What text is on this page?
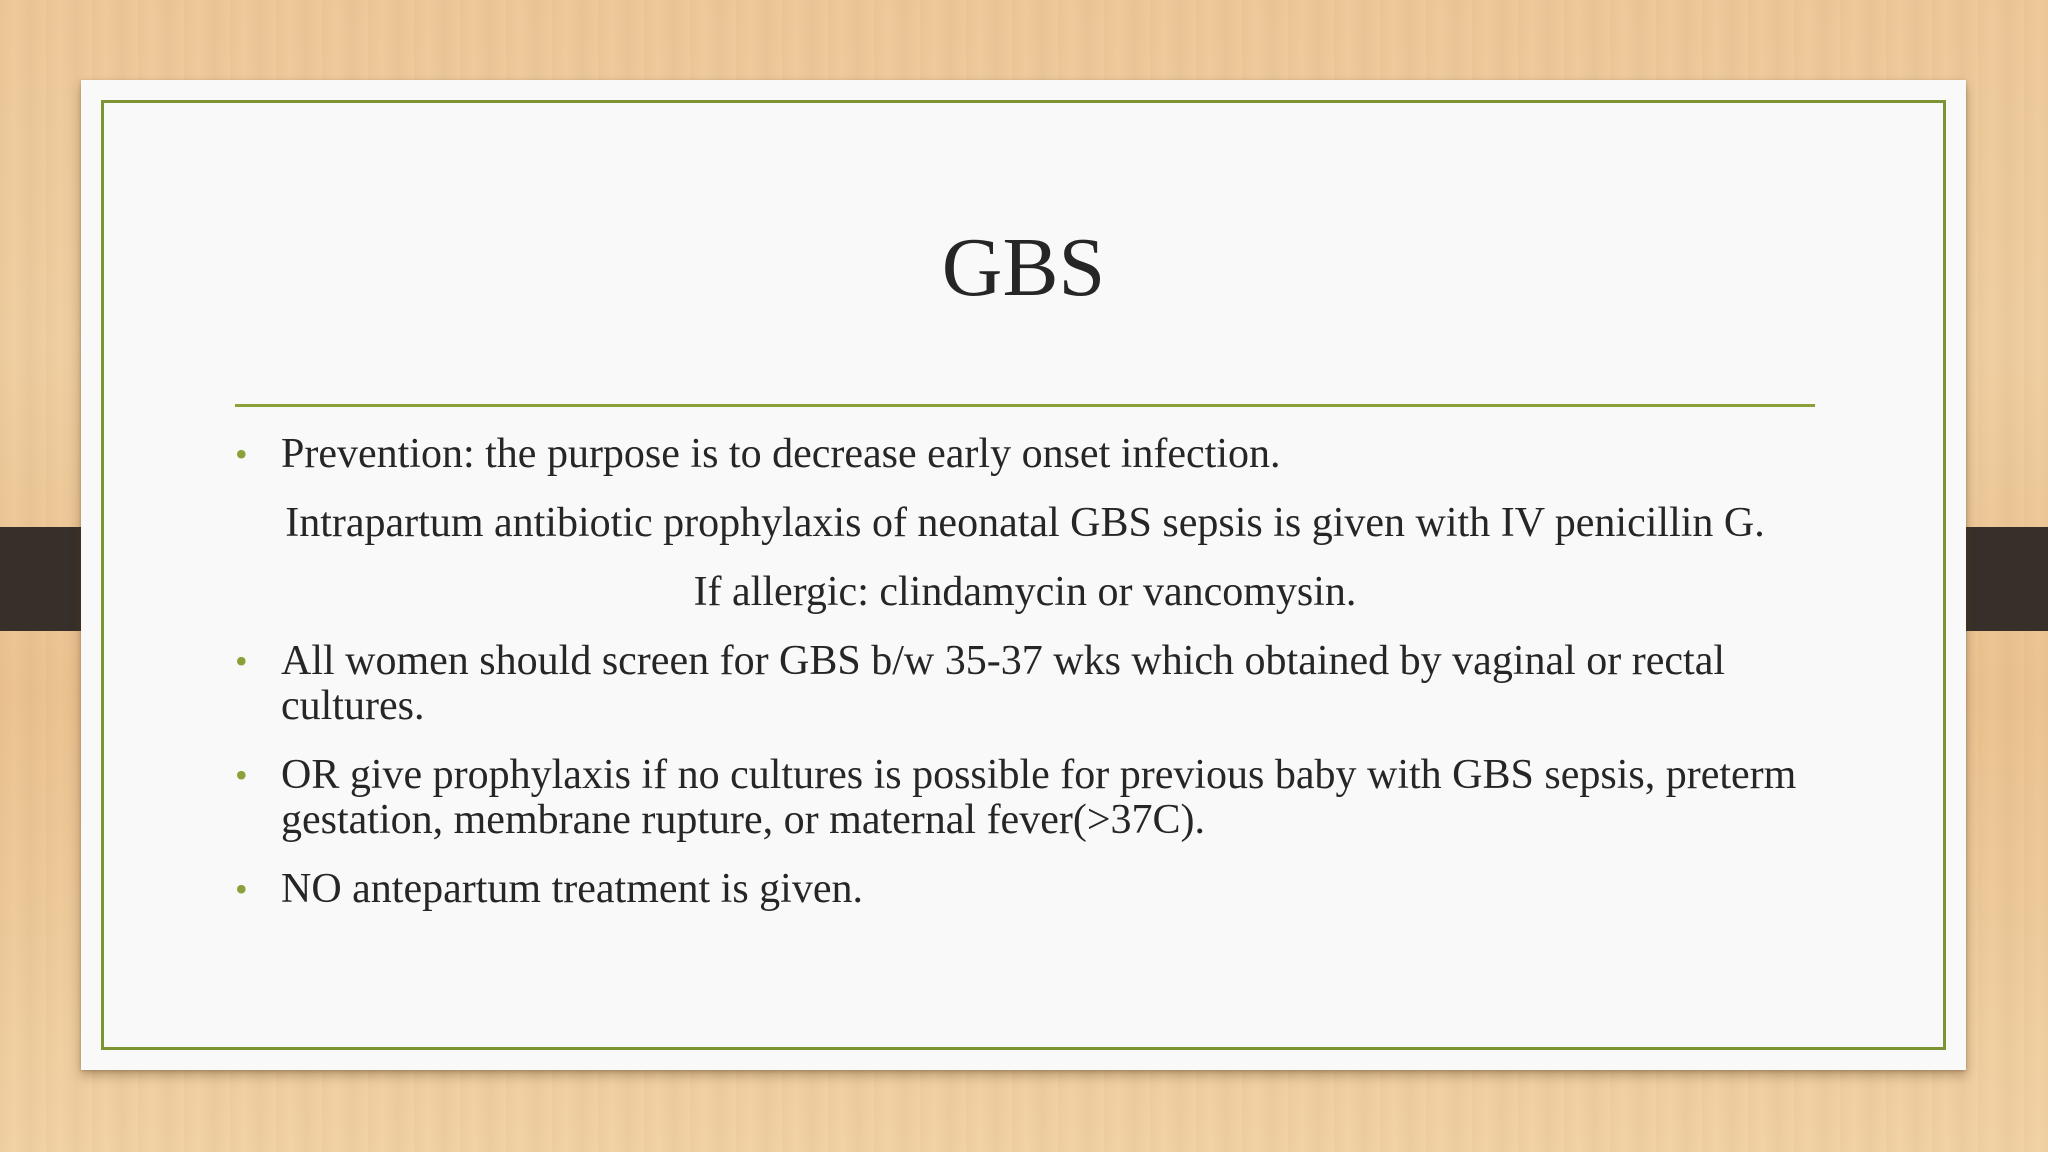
GBS
• Prevention: the purpose is to decrease early onset infection.
Intrapartum antibiotic prophylaxis of neonatal GBS sepsis is given with IV penicillin G.
If allergic: clindamycin or vancomysin.
• All women should screen for GBS b/w 35-37 wks which obtained by vaginal or rectal cultures.
• OR give prophylaxis if no cultures is possible for previous baby with GBS sepsis, preterm gestation, membrane rupture, or maternal fever(>37C).
• NO antepartum treatment is given.
